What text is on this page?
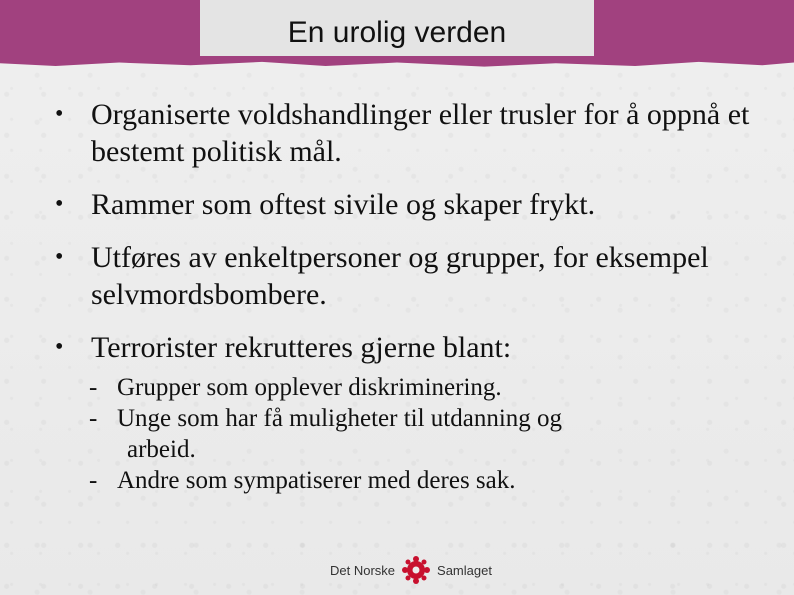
En urolig verden
• Organiserte voldshandlinger eller trusler for å oppnå et bestemt politisk mål.
• Rammer som oftest sivile og skaper frykt.
• Utføres av enkeltpersoner og grupper, for eksempel selvmordsbombere.
• Terrorister rekrutteres gjerne blant:
- Grupper som opplever diskriminering.
- Unge som har få muligheter til utdanning og
arbeid.
- Andre som sympatiserer med deres sak.
Det Norske	Samlaget
